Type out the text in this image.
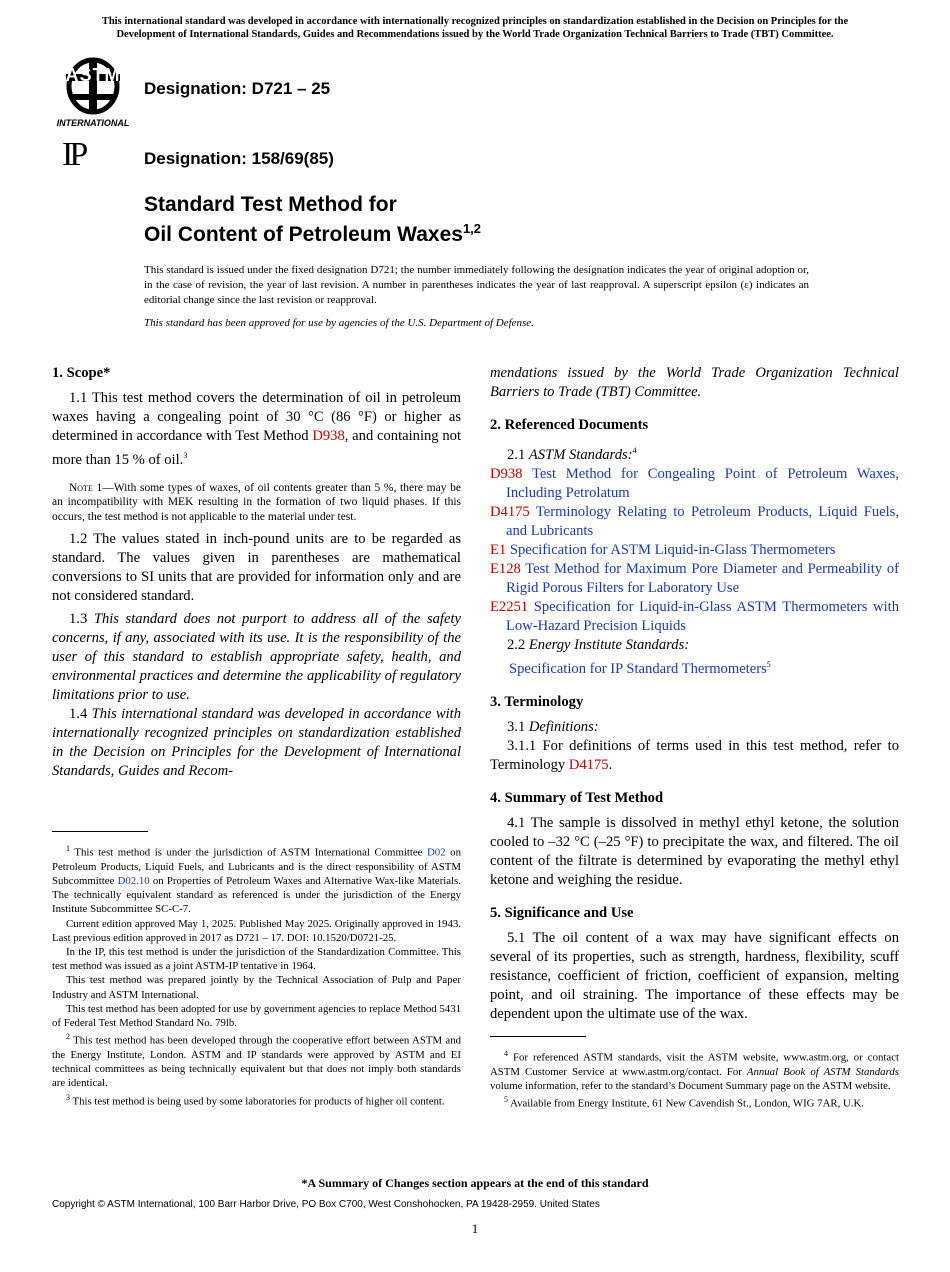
This international standard was developed in accordance with internationally recognized principles on standardization established in the Decision on Principles for the
Development of International Standards, Guides and Recommendations issued by the World Trade Organization Technical Barriers to Trade (TBT) Committee.
ASTM
INTERNATIONAL
IP
Designation: D721 – 25
Designation: 158/69(85)
Standard Test Method for
Oil Content of Petroleum Waxes$^{1,2}$
This standard is issued under the fixed designation D721; the number immediately following the designation indicates the year of original adoption or, in the case of revision, the year of last revision. A number in parentheses indicates the year of last reapproval. A superscript epsilon (ε) indicates an editorial change since the last revision or reapproval.
This standard has been approved for use by agencies of the U.S. Department of Defense.
1. Scope*

1.1 This test method covers the determination of oil in petroleum waxes having a congealing point of 30 °C (86 °F) or higher as determined in accordance with Test Method D938, and containing not more than 15 % of oil.$^3$

Note 1—With some types of waxes, of oil contents greater than 5 %, there may be an incompatibility with MEK resulting in the formation of two liquid phases. If this occurs, the test method is not applicable to the material under test.

1.2 The values stated in inch-pound units are to be regarded as standard. The values given in parentheses are mathematical conversions to SI units that are provided for information only and are not considered standard.

1.3 This standard does not purport to address all of the safety concerns, if any, associated with its use. It is the responsibility of the user of this standard to establish appropriate safety, health, and environmental practices and determine the applicability of regulatory limitations prior to use.

1.4 This international standard was developed in accordance with internationally recognized principles on standardization established in the Decision on Principles for the Development of International Standards, Guides and Recom-

$^1$ This test method is under the jurisdiction of ASTM International Committee D02 on Petroleum Products, Liquid Fuels, and Lubricants and is the direct responsibility of ASTM Subcommittee D02.10 on Properties of Petroleum Waxes and Alternative Wax-like Materials. The technically equivalent standard as referenced is under the jurisdiction of the Energy Institute Subcommittee SC-C-7.

Current edition approved May 1, 2025. Published May 2025. Originally approved in 1943. Last previous edition approved in 2017 as D721 – 17. DOI: 10.1520/D0721-25.

In the IP, this test method is under the jurisdiction of the Standardization Committee. This test method was issued as a joint ASTM-IP tentative in 1964.

This test method was prepared jointly by the Technical Association of Pulp and Paper Industry and ASTM International.

This test method has been adopted for use by government agencies to replace Method 5431 of Federal Test Method Standard No. 79lb.

$^2$ This test method has been developed through the cooperative effort between ASTM and the Energy Institute, London. ASTM and IP standards were approved by ASTM and EI technical committees as being technically equivalent but that does not imply both standards are identical.

$^3$ This test method is being used by some laboratories for products of higher oil content.

mendations issued by the World Trade Organization Technical Barriers to Trade (TBT) Committee.

2. Referenced Documents

2.1 ASTM Standards:$^4$

D938 Test Method for Congealing Point of Petroleum Waxes, Including Petrolatum

D4175 Terminology Relating to Petroleum Products, Liquid Fuels, and Lubricants

E1 Specification for ASTM Liquid-in-Glass Thermometers

E128 Test Method for Maximum Pore Diameter and Permeability of Rigid Porous Filters for Laboratory Use

E2251 Specification for Liquid-in-Glass ASTM Thermometers with Low-Hazard Precision Liquids

2.2 Energy Institute Standards:

Specification for IP Standard Thermometers$^5$

3. Terminology

3.1 Definitions:

3.1.1 For definitions of terms used in this test method, refer to Terminology D4175.

4. Summary of Test Method

4.1 The sample is dissolved in methyl ethyl ketone, the solution cooled to –32 °C (–25 °F) to precipitate the wax, and filtered. The oil content of the filtrate is determined by evaporating the methyl ethyl ketone and weighing the residue.

5. Significance and Use

5.1 The oil content of a wax may have significant effects on several of its properties, such as strength, hardness, flexibility, scuff resistance, coefficient of friction, coefficient of expansion, melting point, and oil straining. The importance of these effects may be dependent upon the ultimate use of the wax.

$^4$ For referenced ASTM standards, visit the ASTM website, www.astm.org, or contact ASTM Customer Service at www.astm.org/contact. For Annual Book of ASTM Standards volume information, refer to the standard’s Document Summary page on the ASTM website.

$^5$ Available from Energy Institute, 61 New Cavendish St., London, WIG 7AR, U.K.

*A Summary of Changes section appears at the end of this standard
Copyright © ASTM International, 100 Barr Harbor Drive, PO Box C700, West Conshohocken, PA 19428-2959. United States
1
